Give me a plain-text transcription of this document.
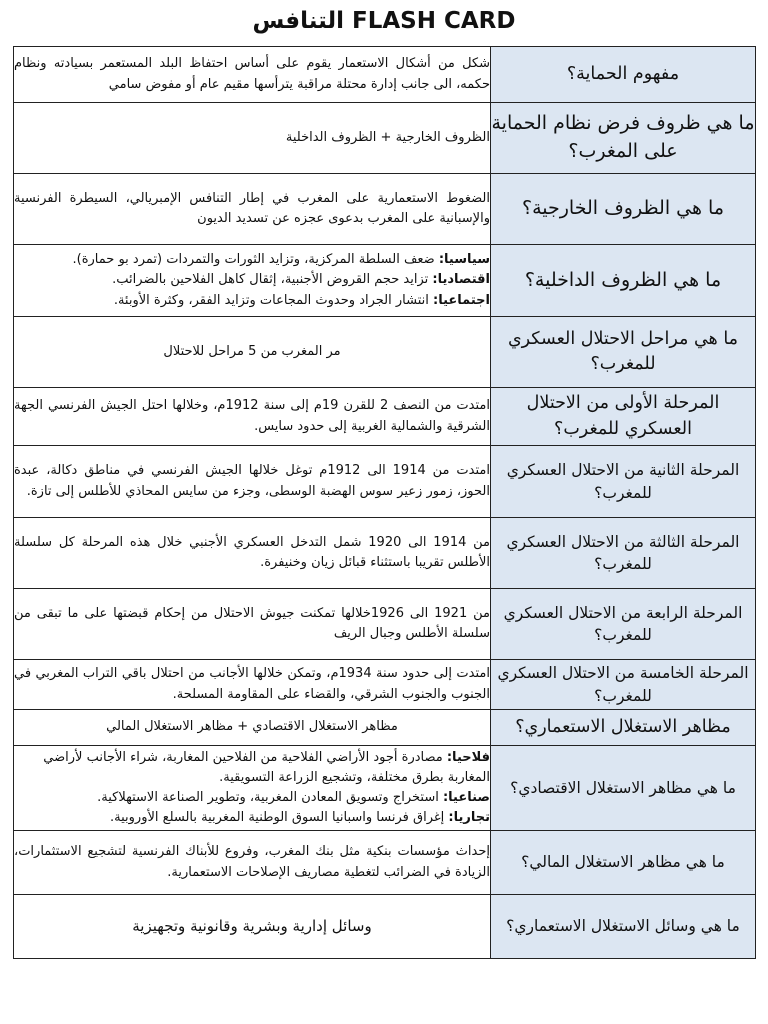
FLASH CARD التنافس
مفهوم الحماية؟	شكل من أشكال الاستعمار يقوم على أساس احتفاظ البلد المستعمر بسيادته ونظام حكمه، الى جانب إدارة محتلة مراقبة يترأسها مقيم عام أو مفوض سامي
ما هي ظروف فرض نظام الحماية على المغرب؟	الظروف الخارجية + الظروف الداخلية
ما هي الظروف الخارجية؟	الضغوط الاستعمارية على المغرب في إطار التنافس الإمبريالي، السيطرة الفرنسية والإسبانية على المغرب بدعوى عجزه عن تسديد الديون
ما هي الظروف الداخلية؟	سياسيا: ضعف السلطة المركزية، وتزايد الثورات والتمردات (تمرد بو حمارة).
اقتصاديا: تزايد حجم القروض الأجنبية، إثقال كاهل الفلاحين بالضرائب.
اجتماعيا: انتشار الجراد وحدوث المجاعات وتزايد الفقر، وكثرة الأوبئة.

ما هي مراحل الاحتلال العسكري للمغرب؟	مر المغرب من 5 مراحل للاحتلال
المرحلة الأولى من الاحتلال العسكري للمغرب؟	امتدت من النصف 2 للقرن 19م إلى سنة 1912م، وخلالها احتل الجيش الفرنسي الجهة الشرقية والشمالية الغربية إلى حدود سايس.
المرحلة الثانية من الاحتلال العسكري للمغرب؟	امتدت من 1914 الى 1912م توغل خلالها الجيش الفرنسي في مناطق دكالة، عبدة الحوز، زمور زعير سوس الهضبة الوسطى، وجزء من سايس المحاذي للأطلس إلى تازة.
المرحلة الثالثة من الاحتلال العسكري للمغرب؟	من 1914 الى 1920 شمل التدخل العسكري الأجنبي خلال هذه المرحلة كل سلسلة الأطلس تقريبا باستثناء قبائل زيان وخنيفرة.
المرحلة الرابعة من الاحتلال العسكري للمغرب؟	من 1921 الى 1926خلالها تمكنت جيوش الاحتلال من إحكام قبضتها على ما تبقى من سلسلة الأطلس وجبال الريف
المرحلة الخامسة من الاحتلال العسكري للمغرب؟	امتدت إلى حدود سنة 1934م، وتمكن خلالها الأجانب من احتلال باقي التراب المغربي في الجنوب والجنوب الشرقي، والقضاء على المقاومة المسلحة.
مظاهر الاستغلال الاستعماري؟	مظاهر الاستغلال الاقتصادي + مظاهر الاستغلال المالي
ما هي مظاهر الاستغلال الاقتصادي؟	فلاحيا: مصادرة أجود الأراضي الفلاحية من الفلاحين المغاربة، شراء الأجانب لأراضي المغاربة بطرق مختلفة، وتشجيع الزراعة التسويقية.
صناعيا: استخراج وتسويق المعادن المغربية، وتطوير الصناعة الاستهلاكية.
تجاريا: إغراق فرنسا واسبانيا السوق الوطنية المغربية بالسلع الأوروبية.

ما هي مظاهر الاستغلال المالي؟	إحداث مؤسسات بنكية مثل بنك المغرب، وفروع للأبناك الفرنسية لتشجيع الاستثمارات، الزيادة في الضرائب لتغطية مصاريف الإصلاحات الاستعمارية.
ما هي وسائل الاستغلال الاستعماري؟	وسائل إدارية وبشرية وقانونية وتجهيزية
